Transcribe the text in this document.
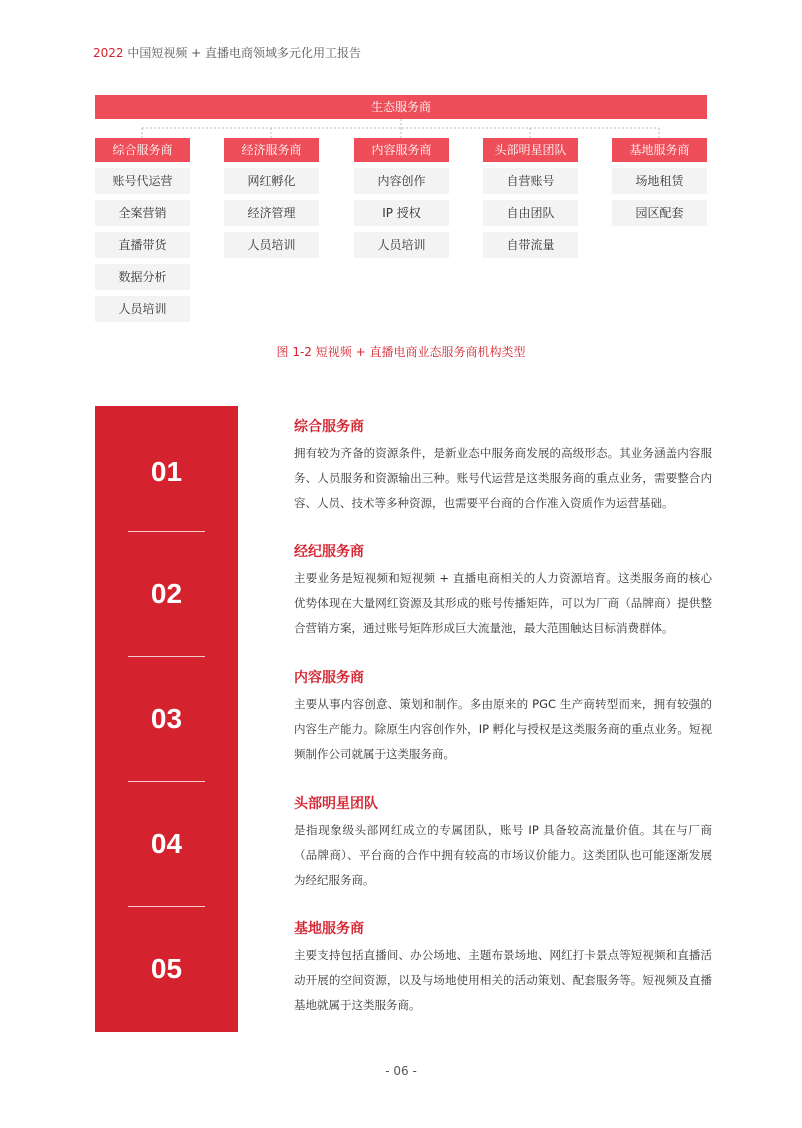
2022 中国短视频 + 直播电商领域多元化用工报告
生态服务商
综合服务商
账号代运营
全案营销
直播带货
数据分析
人员培训
经济服务商
网红孵化
经济管理
人员培训
内容服务商
内容创作
IP 授权
人员培训
头部明星团队
自营账号
自由团队
自带流量
基地服务商
场地租赁
园区配套
图 1-2 短视频 + 直播电商业态服务商机构类型
01
02
03
04
05
综合服务商

拥有较为齐备的资源条件，是新业态中服务商发展的高级形态。其业务涵盖内容服务、人员服务和资源输出三种。账号代运营是这类服务商的重点业务，需要整合内容、人员、技术等多种资源，也需要平台商的合作准入资质作为运营基础。

经纪服务商

主要业务是短视频和短视频 + 直播电商相关的人力资源培育。这类服务商的核心优势体现在大量网红资源及其形成的账号传播矩阵，可以为厂商（品牌商）提供整合营销方案，通过账号矩阵形成巨大流量池，最大范围触达目标消费群体。

内容服务商

主要从事内容创意、策划和制作。多由原来的 PGC 生产商转型而来，拥有较强的内容生产能力。除原生内容创作外，IP 孵化与授权是这类服务商的重点业务。短视频制作公司就属于这类服务商。

头部明星团队

是指现象级头部网红成立的专属团队，账号 IP 具备较高流量价值。其在与厂商（品牌商）、平台商的合作中拥有较高的市场议价能力。这类团队也可能逐渐发展为经纪服务商。

基地服务商

主要支持包括直播间、办公场地、主题布景场地、网红打卡景点等短视频和直播活动开展的空间资源，以及与场地使用相关的活动策划、配套服务等。短视频及直播基地就属于这类服务商。

- 06 -
